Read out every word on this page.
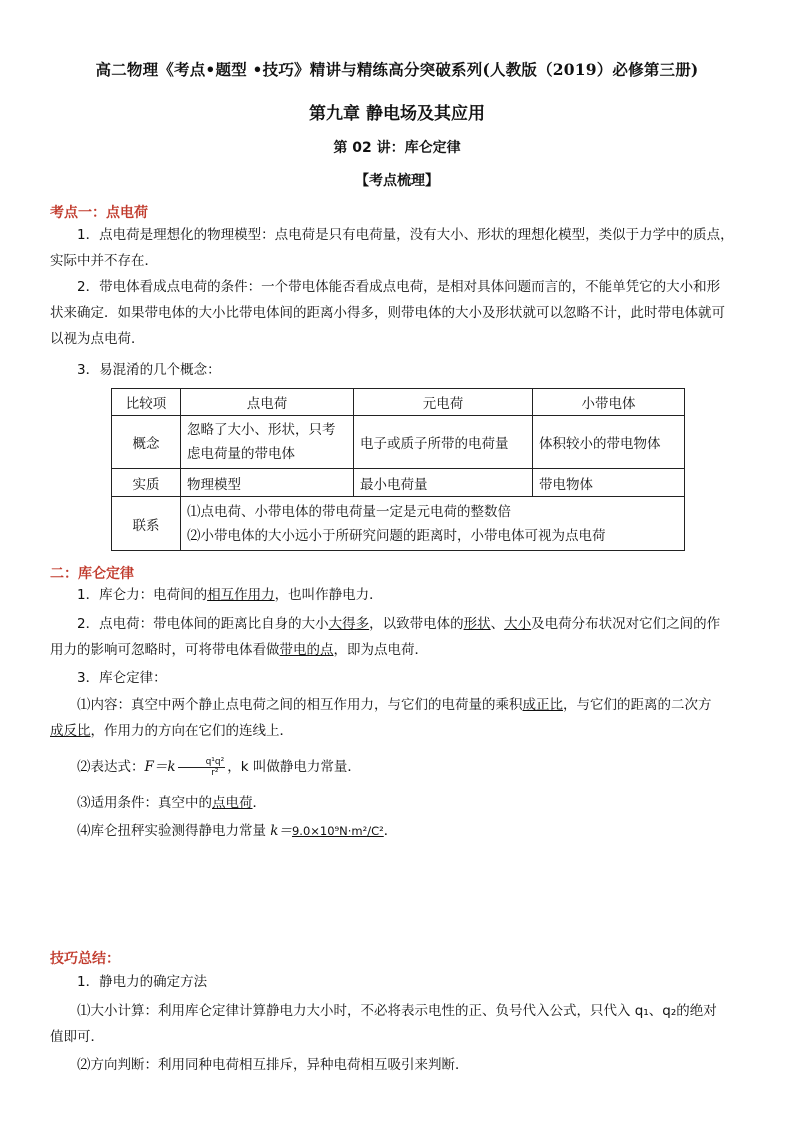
高二物理《考点•题型 •技巧》精讲与精练高分突破系列(人教版（2019）必修第三册)
第九章 静电场及其应用
第 02 讲：库仑定律
【考点梳理】
考点一：点电荷
1．点电荷是理想化的物理模型：点电荷是只有电荷量，没有大小、形状的理想化模型，类似于力学中的质点，
实际中并不存在．
2．带电体看成点电荷的条件：一个带电体能否看成点电荷，是相对具体问题而言的，不能单凭它的大小和形
状来确定．如果带电体的大小比带电体间的距离小得多，则带电体的大小及形状就可以忽略不计，此时带电体就可
以视为点电荷．
3．易混淆的几个概念：
比较项	点电荷	元电荷	小带电体
概念	忽略了大小、形状，只考虑电荷量的带电体	电子或质子所带的电荷量	体积较小的带电物体
实质	物理模型	最小电荷量	带电物体
联系	⑴点电荷、小带电体的带电荷量一定是元电荷的整数倍
⑵小带电体的大小远小于所研究问题的距离时，小带电体可视为点电荷		
二：库仑定律
1．库仑力：电荷间的相互作用力，也叫作静电力．
2．点电荷：带电体间的距离比自身的大小大得多，以致带电体的形状、大小及电荷分布状况对它们之间的作
用力的影响可忽略时，可将带电体看做带电的点，即为点电荷．
3．库仑定律：
⑴内容：真空中两个静止点电荷之间的相互作用力，与它们的电荷量的乘积成正比，与它们的距离的二次方
成反比，作用力的方向在它们的连线上．
⑵表达式：$F=k \frac{\text{q¹q²}}{\text{r²}}$ ，k 叫做静电力常量．
⑶适用条件：真空中的点电荷．
⑷库仑扭秤实验测得静电力常量 k＝9.0×10⁹N·m²/C²．
技巧总结：
1．静电力的确定方法
⑴大小计算：利用库仑定律计算静电力大小时，不必将表示电性的正、负号代入公式，只代入 q₁、q₂的绝对
值即可．
⑵方向判断：利用同种电荷相互排斥，异种电荷相互吸引来判断．
